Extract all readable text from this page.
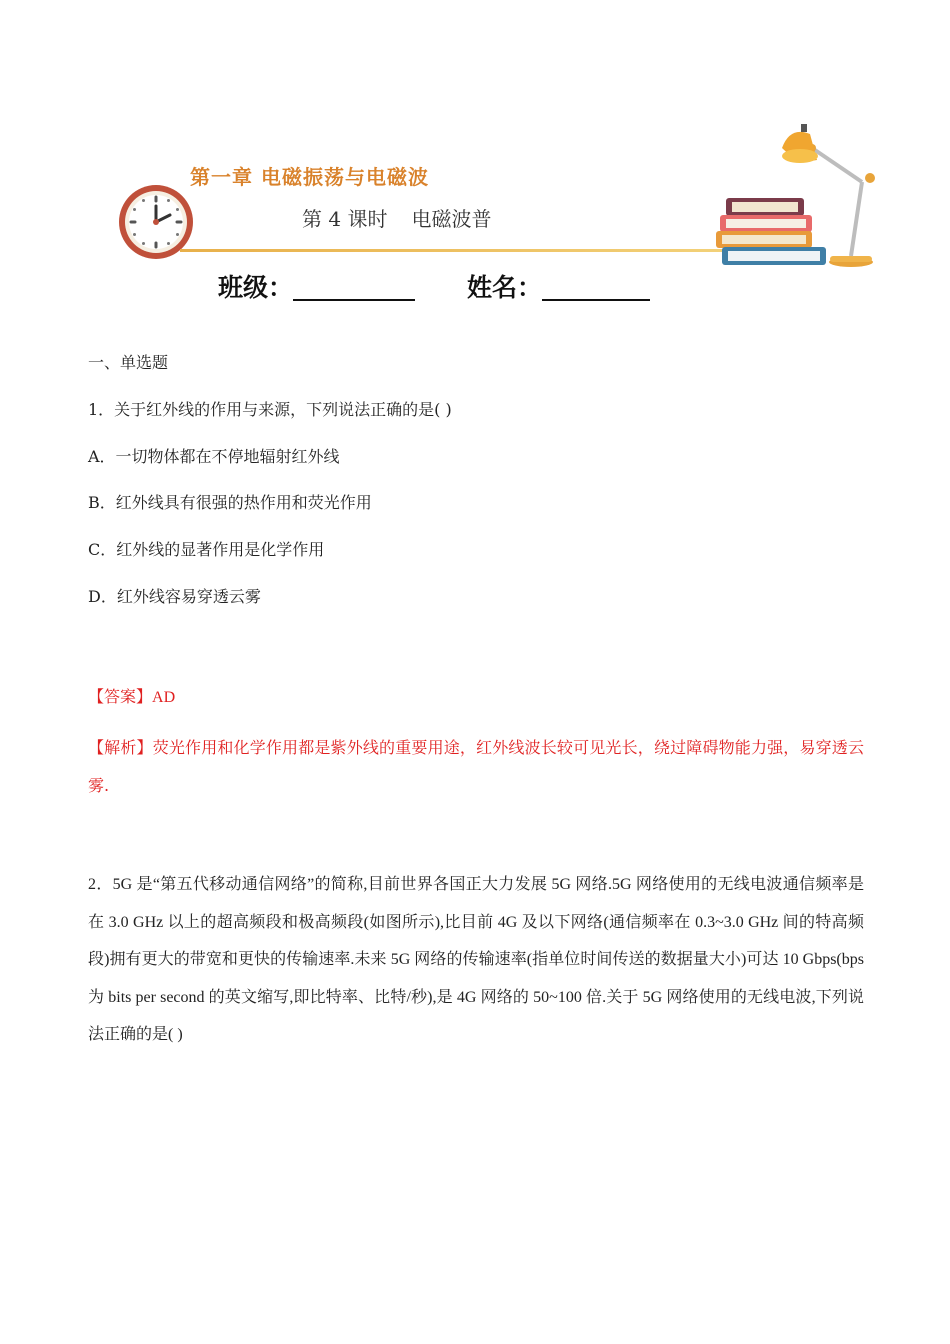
第一章 电磁振荡与电磁波
第 4 课时 电磁波普
班级：	姓名：
一、单选题
1．关于红外线的作用与来源，下列说法正确的是( )
A．一切物体都在不停地辐射红外线
B．红外线具有很强的热作用和荧光作用
C．红外线的显著作用是化学作用
D．红外线容易穿透云雾
【答案】AD
【解析】荧光作用和化学作用都是紫外线的重要用途，红外线波长较可见光长，绕过障碍物能力强，易穿透云雾.
2．5G 是“第五代移动通信网络”的简称,目前世界各国正大力发展 5G 网络.5G 网络使用的无线电波通信频率是在 3.0 GHz 以上的超高频段和极高频段(如图所示),比目前 4G 及以下网络(通信频率在 0.3~3.0 GHz 间的特高频段)拥有更大的带宽和更快的传输速率.未来 5G 网络的传输速率(指单位时间传送的数据量大小)可达 10 Gbps(bps 为 bits per second 的英文缩写,即比特率、比特/秒),是 4G 网络的 50~100 倍.关于 5G 网络使用的无线电波,下列说法正确的是( )
